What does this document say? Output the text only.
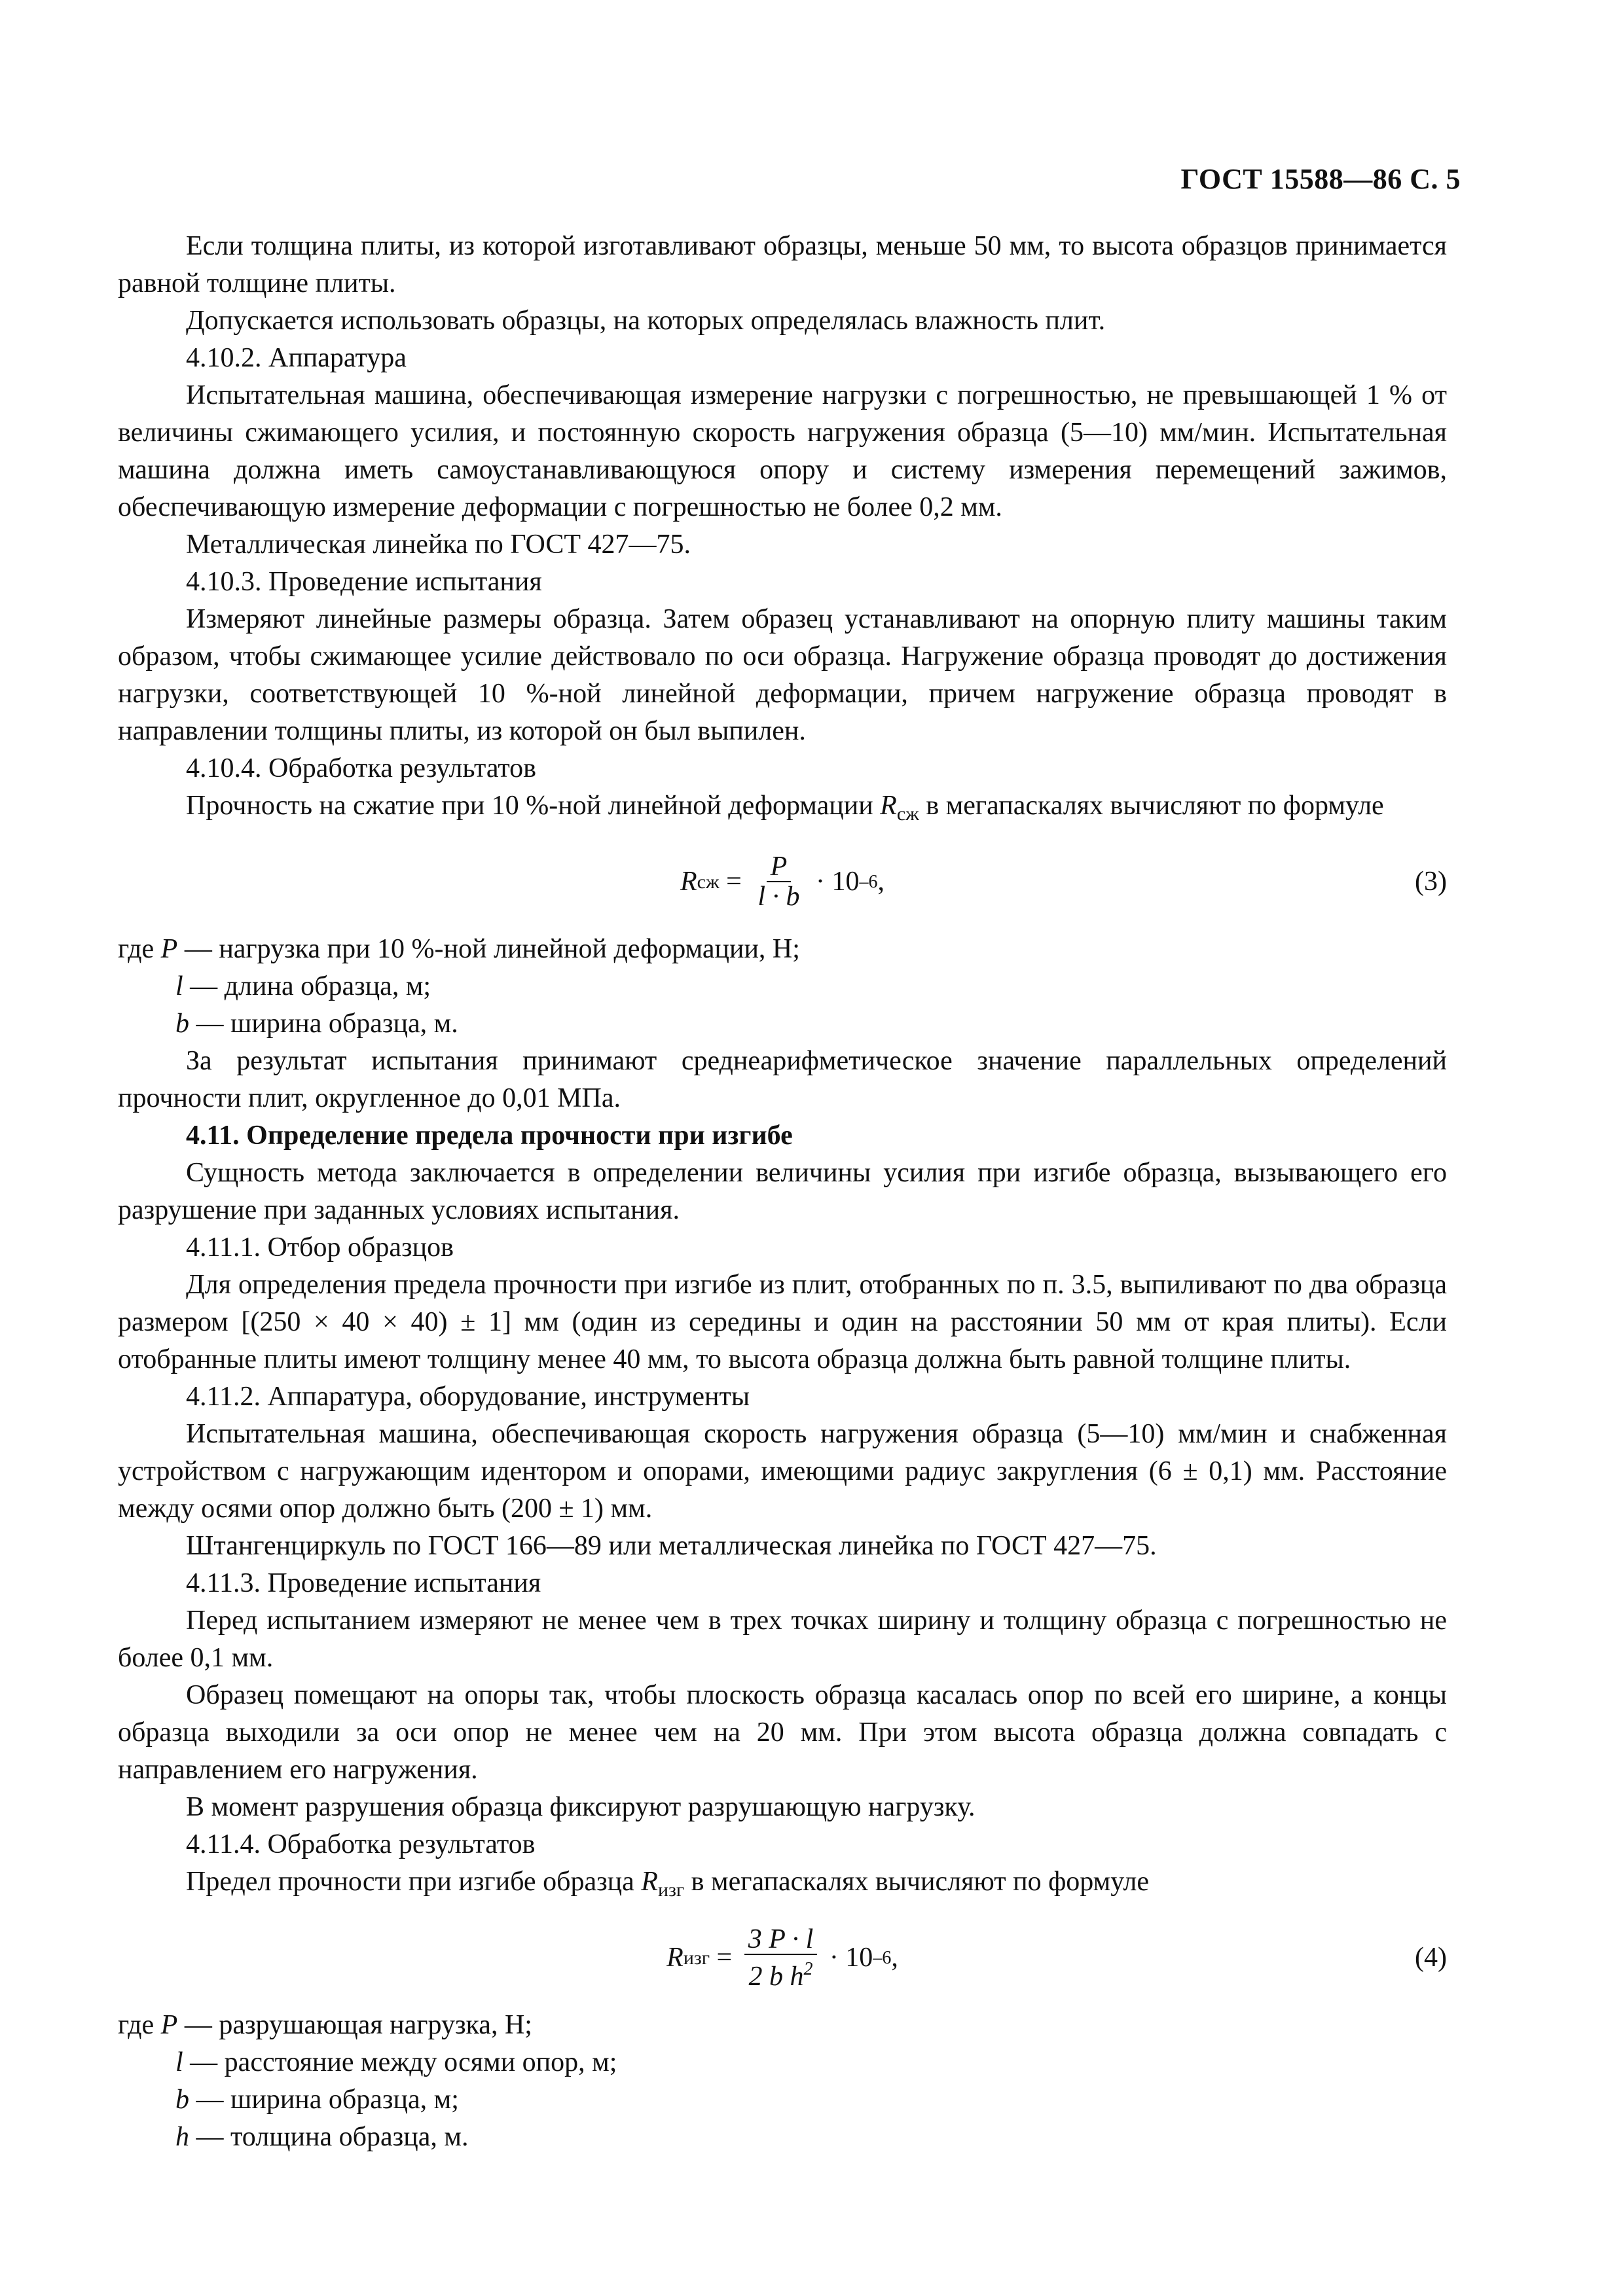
ГОСТ 15588—86 С. 5

Если толщина плиты, из которой изготавливают образцы, меньше 50 мм, то высота образцов принимается равной толщине плиты.

Допускается использовать образцы, на которых определялась влажность плит.

4.10.2. Аппаратура

Испытательная машина, обеспечивающая измерение нагрузки с погрешностью, не превышающей 1 % от величины сжимающего усилия, и постоянную скорость нагружения образца (5—10) мм/мин. Испытательная машина должна иметь самоустанавливающуюся опору и систему измерения перемещений зажимов, обеспечивающую измерение деформации с погрешностью не более 0,2 мм.

Металлическая линейка по ГОСТ 427—75.

4.10.3. Проведение испытания

Измеряют линейные размеры образца. Затем образец устанавливают на опорную плиту машины таким образом, чтобы сжимающее усилие действовало по оси образца. Нагружение образца проводят до достижения нагрузки, соответствующей 10 %-ной линейной деформации, причем нагружение образца проводят в направлении толщины плиты, из которой он был выпилен.

4.10.4. Обработка результатов

Прочность на сжатие при 10 %-ной линейной деформации $R_{сж}$ в мегапаскалях вычисляют по формуле

R сж = $\frac{P}{l \cdot b} \cdot 10$ –6 ,	(3)

где P — нагрузка при 10 %-ной линейной деформации, Н;

l — длина образца, м;

b — ширина образца, м.

За результат испытания принимают среднеарифметическое значение параллельных определений прочности плит, округленное до 0,01 МПа.

4.11. Определение предела прочности при изгибе

Сущность метода заключается в определении величины усилия при изгибе образца, вызывающего его разрушение при заданных условиях испытания.

4.11.1. Отбор образцов

Для определения предела прочности при изгибе из плит, отобранных по п. 3.5, выпиливают по два образца размером [(250 × 40 × 40) ± 1] мм (один из середины и один на расстоянии 50 мм от края плиты). Если отобранные плиты имеют толщину менее 40 мм, то высота образца должна быть равной толщине плиты.

4.11.2. Аппаратура, оборудование, инструменты

Испытательная машина, обеспечивающая скорость нагружения образца (5—10) мм/мин и снабженная устройством с нагружающим идентором и опорами, имеющими радиус закругления (6 ± 0,1) мм. Расстояние между осями опор должно быть (200 ± 1) мм.

Штангенциркуль по ГОСТ 166—89 или металлическая линейка по ГОСТ 427—75.

4.11.3. Проведение испытания

Перед испытанием измеряют не менее чем в трех точках ширину и толщину образца с погрешностью не более 0,1 мм.

Образец помещают на опоры так, чтобы плоскость образца касалась опор по всей его ширине, а концы образца выходили за оси опор не менее чем на 20 мм. При этом высота образца должна совпадать с направлением его нагружения.

В момент разрушения образца фиксируют разрушающую нагрузку.

4.11.4. Обработка результатов

Предел прочности при изгибе образца $R_{изг}$ в мегапаскалях вычисляют по формуле

R изг = $\frac{3 P \cdot l}{2 b h^2} \cdot 10$ –6 ,	(4)

где P — разрушающая нагрузка, Н;

l — расстояние между осями опор, м;

b — ширина образца, м;

h — толщина образца, м.
